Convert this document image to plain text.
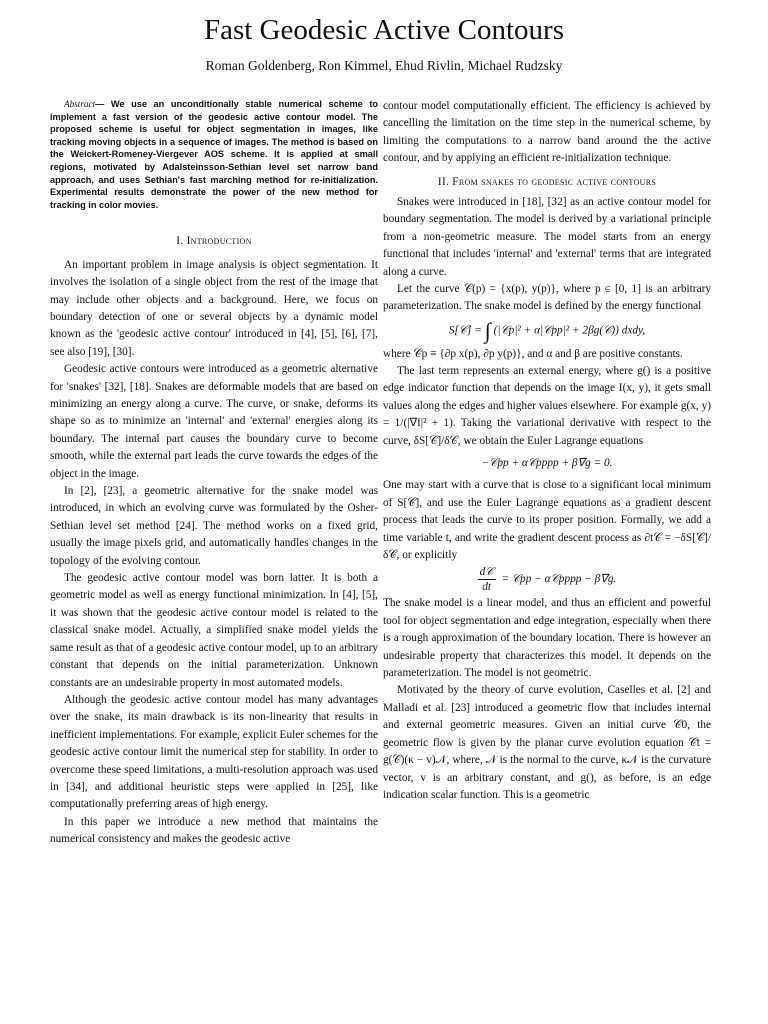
Fast Geodesic Active Contours
Roman Goldenberg, Ron Kimmel, Ehud Rivlin, Michael Rudzsky

Abstract— We use an unconditionally stable numerical scheme to implement a fast version of the geodesic active contour model. The proposed scheme is useful for object segmentation in images, like tracking moving objects in a sequence of images. The method is based on the Weickert-Romeney-Viergever AOS scheme. It is applied at small regions, motivated by Adalsteinsson-Sethian level set narrow band approach, and uses Sethian's fast marching method for re-initialization. Experimental results demonstrate the power of the new method for tracking in color movies.

I. Introduction

An important problem in image analysis is object segmentation. It involves the isolation of a single object from the rest of the image that may include other objects and a background. Here, we focus on boundary detection of one or several objects by a dynamic model known as the 'geodesic active contour' introduced in [4], [5], [6], [7], see also [19], [30].

Geodesic active contours were introduced as a geometric alternative for 'snakes' [32], [18]. Snakes are deformable models that are based on minimizing an energy along a curve. The curve, or snake, deforms its shape so as to minimize an 'internal' and 'external' energies along its boundary. The internal part causes the boundary curve to become smooth, while the external part leads the curve towards the edges of the object in the image.

In [2], [23], a geometric alternative for the snake model was introduced, in which an evolving curve was formulated by the Osher-Sethian level set method [24]. The method works on a fixed grid, usually the image pixels grid, and automatically handles changes in the topology of the evolving contour.

The geodesic active contour model was born latter. It is both a geometric model as well as energy functional minimization. In [4], [5], it was shown that the geodesic active contour model is related to the classical snake model. Actually, a simplified snake model yields the same result as that of a geodesic active contour model, up to an arbitrary constant that depends on the initial parameterization. Unknown constants are an undesirable property in most automated models.

Although the geodesic active contour model has many advantages over the snake, its main drawback is its non-linearity that results in inefficient implementations. For example, explicit Euler schemes for the geodesic active contour limit the numerical step for stability. In order to overcome these speed limitations, a multi-resolution approach was used in [34], and additional heuristic steps were applied in [25], like computationally preferring areas of high energy.

In this paper we introduce a new method that maintains the numerical consistency and makes the geodesic active

contour model computationally efficient. The efficiency is achieved by cancelling the limitation on the time step in the numerical scheme, by limiting the computations to a narrow band around the the active contour, and by applying an efficient re-initialization technique.

II. From snakes to geodesic active contours

Snakes were introduced in [18], [32] as an active contour model for boundary segmentation. The model is derived by a variational principle from a non-geometric measure. The model starts from an energy functional that includes 'internal' and 'external' terms that are integrated along a curve.

Let the curve 𝒞(p) = {x(p), y(p)}, where p ∈ [0, 1] is an arbitrary parameterization. The snake model is defined by the energy functional

S[𝒞] = ∫ (|𝒞p|² + α|𝒞pp|² + 2βg(𝒞)) dxdy,

where 𝒞p ≡ {∂p x(p), ∂p y(p)}, and α and β are positive constants.

The last term represents an external energy, where g() is a positive edge indicator function that depends on the image I(x, y), it gets small values along the edges and higher values elsewhere. For example g(x, y) = 1/(|∇I|² + 1). Taking the variational derivative with respect to the curve, δS[𝒞]/δ𝒞, we obtain the Euler Lagrange equations

−𝒞pp + α𝒞pppp + β∇g = 0.

One may start with a curve that is close to a significant local minimum of S[𝒞], and use the Euler Lagrange equations as a gradient descent process that leads the curve to its proper position. Formally, we add a time variable t, and write the gradient descent process as ∂t𝒞 = −δS[𝒞]/δ𝒞, or explicitly

$\frac{\text{d𝒞}}{dt}$ = 𝒞pp − α𝒞pppp − β∇g.

The snake model is a linear model, and thus an efficient and powerful tool for object segmentation and edge integration, especially when there is a rough approximation of the boundary location. There is however an undesirable property that characterizes this model. It depends on the parameterization. The model is not geometric.

Motivated by the theory of curve evolution, Caselles et al. [2] and Malladi et al. [23] introduced a geometric flow that includes internal and external geometric measures. Given an initial curve 𝒞0, the geometric flow is given by the planar curve evolution equation 𝒞t = g(𝒞)(κ − v)𝒩, where, 𝒩 is the normal to the curve, κ𝒩 is the curvature vector, v is an arbitrary constant, and g(), as before, is an edge indication scalar function. This is a geometric
